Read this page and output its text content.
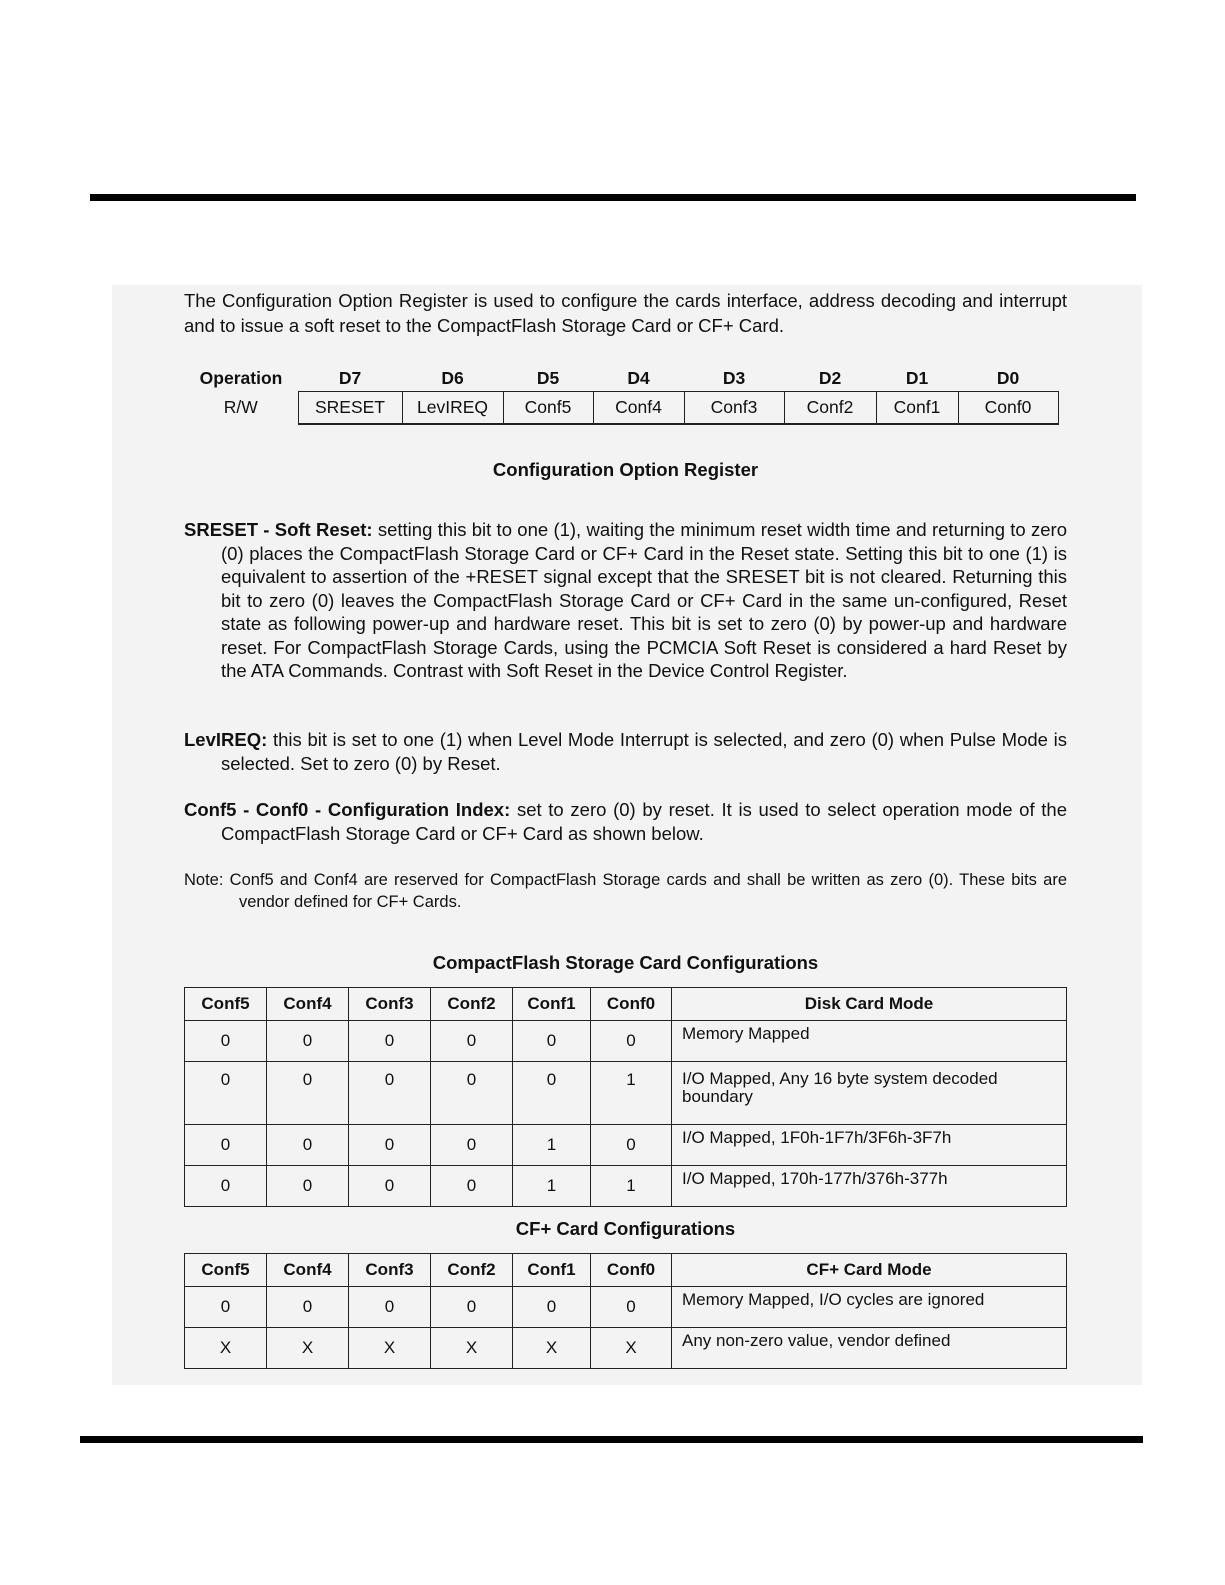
The Configuration Option Register is used to configure the cards interface, address decoding and interrupt and to issue a soft reset to the CompactFlash Storage Card or CF+ Card.

Operation	D7	D6	D5	D4	D3	D2	D1	D0
R/W	SRESET	LevIREQ	Conf5	Conf4	Conf3	Conf2	Conf1	Conf0
Configuration Option Register

SRESET - Soft Reset: setting this bit to one (1), waiting the minimum reset width time and returning to zero (0) places the CompactFlash Storage Card or CF+ Card in the Reset state. Setting this bit to one (1) is equivalent to assertion of the +RESET signal except that the SRESET bit is not cleared. Returning this bit to zero (0) leaves the CompactFlash Storage Card or CF+ Card in the same un-configured, Reset state as following power-up and hardware reset. This bit is set to zero (0) by power-up and hardware reset. For CompactFlash Storage Cards, using the PCMCIA Soft Reset is considered a hard Reset by the ATA Commands. Contrast with Soft Reset in the Device Control Register.

LevIREQ: this bit is set to one (1) when Level Mode Interrupt is selected, and zero (0) when Pulse Mode is selected. Set to zero (0) by Reset.

Conf5 - Conf0 - Configuration Index: set to zero (0) by reset. It is used to select operation mode of the CompactFlash Storage Card or CF+ Card as shown below.

Note: Conf5 and Conf4 are reserved for CompactFlash Storage cards and shall be written as zero (0). These bits are vendor defined for CF+ Cards.

CompactFlash Storage Card Configurations
Conf5	Conf4	Conf3	Conf2	Conf1	Conf0	Disk Card Mode
0	0	0	0	0	0	Memory Mapped
0	0	0	0	0	1	I/O Mapped, Any 16 byte system decoded boundary
0	0	0	0	1	0	I/O Mapped, 1F0h-1F7h/3F6h-3F7h
0	0	0	0	1	1	I/O Mapped, 170h-177h/376h-377h
CF+ Card Configurations
Conf5	Conf4	Conf3	Conf2	Conf1	Conf0	CF+ Card Mode
0	0	0	0	0	0	Memory Mapped, I/O cycles are ignored
X	X	X	X	X	X	Any non-zero value, vendor defined
